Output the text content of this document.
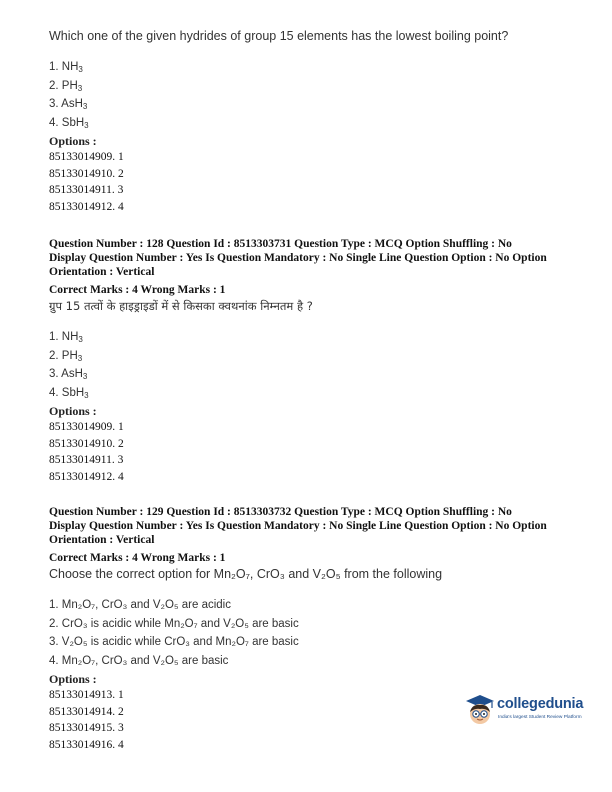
Which one of the given hydrides of group 15 elements has the lowest boiling point?
1. $NH_3$
2. $PH_3$
3. AsH$_3$
4. SbH$_3$
Options :
85133014909. 1
85133014910. 2
85133014911. 3
85133014912. 4
Question Number : 128 Question Id : 8513303731 Question Type : MCQ Option Shuffling : No
Display Question Number : Yes Is Question Mandatory : No Single Line Question Option : No Option
Orientation : Vertical
Correct Marks : 4 Wrong Marks : 1
ग्रुप 15 तत्वों के हाइड्राइडों में से किसका क्‍वथनांक निम्नतम है ?
1. $NH_3$
2. $PH_3$
3. AsH$_3$
4. SbH$_3$
Options :
85133014909. 1
85133014910. 2
85133014911. 3
85133014912. 4
Question Number : 129 Question Id : 8513303732 Question Type : MCQ Option Shuffling : No
Display Question Number : Yes Is Question Mandatory : No Single Line Question Option : No Option
Orientation : Vertical
Correct Marks : 4 Wrong Marks : 1
Choose the correct option for Mn₂O₇, CrO₃ and V₂O₅ from the following
1. Mn₂O₇, CrO₃ and V₂O₅ are acidic
2. CrO₃ is acidic while Mn₂O₇ and V₂O₅ are basic
3. V₂O₅ is acidic while CrO₃ and Mn₂O₇ are basic
4. Mn₂O₇, CrO₃ and V₂O₅ are basic
Options :
85133014913. 1
85133014914. 2
85133014915. 3
85133014916. 4
collegedunia
India's largest Student Review Platform
